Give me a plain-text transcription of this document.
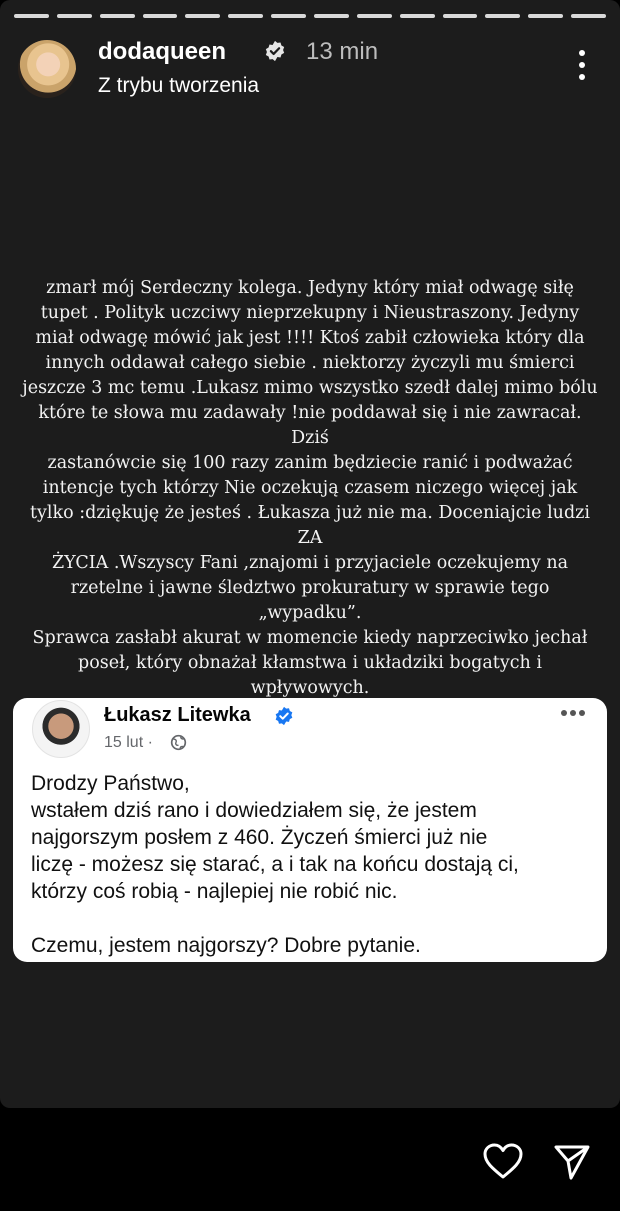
dodaqueen	13 min
Z trybu tworzenia
zmarł mój Serdeczny kolega. Jedyny który miał odwagę siłę
tupet . Polityk uczciwy nieprzekupny i Nieustraszony. Jedyny
miał odwagę mówić jak jest !!!! Ktoś zabił człowieka który dla
innych oddawał całego siebie . niektorzy życzyli mu śmierci
jeszcze 3 mc temu .Lukasz mimo wszystko szedł dalej mimo bólu
które te słowa mu zadawały !nie poddawał się i nie zawracał. Dziś
zastanówcie się 100 razy zanim będziecie ranić i podważać
intencje tych którzy Nie oczekują czasem niczego więcej jak
tylko :dziękuję że jesteś . Łukasza już nie ma. Doceniajcie ludzi ZA
ŻYCIA .Wszyscy Fani ,znajomi i przyjaciele oczekujemy na
rzetelne i jawne śledztwo prokuratury w sprawie tego „wypadku”.
Sprawca zasłabł akurat w momencie kiedy naprzeciwko jechał
poseł, który obnażał kłamstwa i układziki bogatych i
wpływowych.
Łukasz Litewka
15 lut ·

Drodzy Państwo,

wstałem dziś rano i dowiedziałem się, że jestem

najgorszym posłem z 460. Życzeń śmierci już nie

liczę - możesz się starać, a i tak na końcu dostają ci,

którzy coś robią - najlepiej nie robić nic.

Czemu, jestem najgorszy? Dobre pytanie.
